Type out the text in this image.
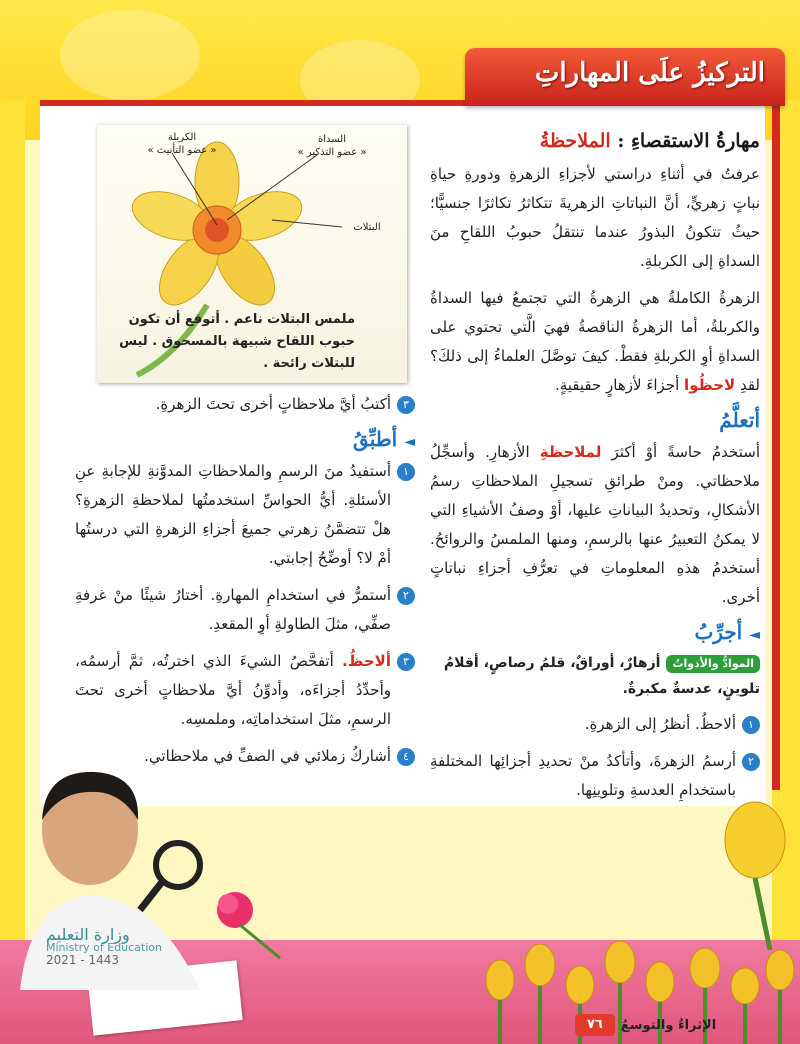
التركيزُ علَى المهاراتِ
مهارةُ الاستقصاءِ : الملاحظةُ

عرفتُ في أثناءِ دراستي لأجزاءِ الزهرةِ ودورةِ حياةِ نباتٍ زهريٍّ، أنَّ النباتاتِ الزهريةَ تتكاثرُ تكاثرًا جنسيًّا؛ حيثُ تتكونُ البذورُ عندما تنتقلُ حبوبُ اللقاحِ منَ السداةِ إلى الكربلةِ.

الزهرةُ الكاملةُ هي الزهرةُ التي تجتمعُ فيها السداةُ والكربلةُ، أما الزهرةُ الناقصةُ فهيَ الَّتي تحتوي على السداةِ أوِ الكربلةِ فقطْ. كيفَ توصَّلَ العلماءُ إلى ذلكَ؟ لقدِ لاحظُوا أجزاءَ لأزهارٍ حقيقيةٍ.

أتعلَّمُ

أستخدمُ حاسةً أوْ أكثرَ لملاحظةِ الأزهارِ. وأسجِّلُ ملاحظاتي. ومنْ طرائقِ تسجيلِ الملاحظاتِ رسمُ الأشكالِ، وتحديدُ البياناتِ عليها، أوْ وصفُ الأشياءِ التي لا يمكنُ التعبيرُ عنها بالرسمِ، ومنها الملمسُ والروائحُ. أستخدمُ هذهِ المعلوماتِ في تعرُّفِ أجزاءِ نباتاتٍ أخرى.

◄ أجرِّبُ
الموادُّ والأدواتُأزهارٌ، أوراقٌ، قلمُ رصاصٍ، أقلامُ تلوينٍ، عدسةٌ مكبرةٌ.
١
ألاحظُ. أنظرُ إلى الزهرةِ.
٢
أرسمُ الزهرةَ، وأتأكدُ منْ تحديدِ أجزائِها المختلفةِ باستخدامِ العدسةِ وتلوينِها.
الكربلة
« عضو التأنيث »
السداة
« عضو التذكير »
البتلات
ملمس البتلات ناعم . أتوقع أن تكون حبوب اللقاح شبيهة بالمسحوق . ليس للبتلات رائحة .
٣
أكتبُ أيَّ ملاحظاتٍ أخرى تحتَ الزهرةِ.
◄ أطبِّقُ
١
أستفيدُ منَ الرسمِ والملاحظاتِ المدوَّنةِ للإجابةِ عنِ الأسئلةِ. أيُّ الحواسِّ استخدمتُها لملاحظةِ الزهرةِ؟ هلْ تتضمَّنُ زهرتي جميعَ أجزاءِ الزهرةِ التي درستُها أمْ لا؟ أوضِّحُ إجابتي.
٢
أستمرُّ في استخدامِ المهارةِ. أختارُ شيئًا منْ غرفةِ صفِّي، مثلَ الطاولةِ أوِ المقعدِ.
٣
ألاحظُ. أتفحَّصُ الشيءَ الذي اخترتُه، ثمَّ أرسمُه، وأحدِّدُ أجزاءَه، وأدوِّنُ أيَّ ملاحظاتٍ أخرى تحتَ الرسمِ، مثلَ استخداماتِه، وملمسِه.
٤
أشاركُ زملائي في الصفِّ في ملاحظاتي.
وزارة التعليم
Ministry of Education
2021 - 1443
الإثراءُ والتوسعُ
٧٦
